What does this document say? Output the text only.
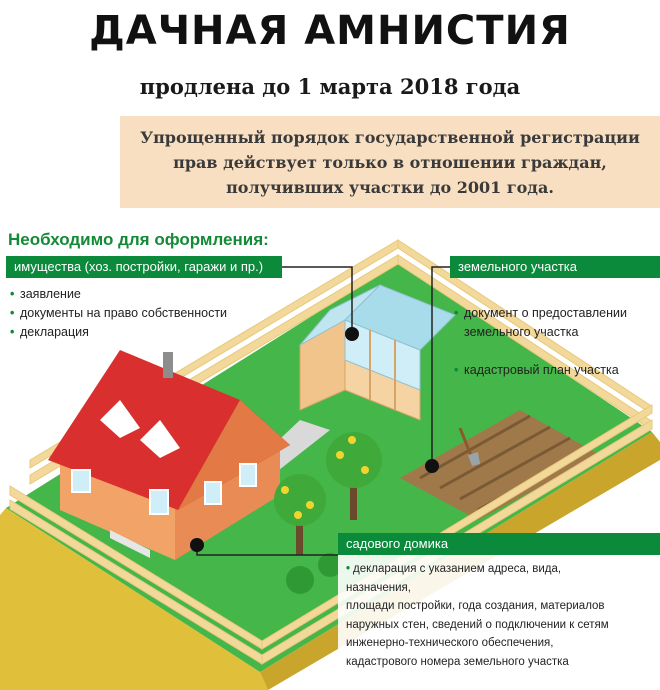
ДАЧНАЯ АМНИСТИЯ
продлена до 1 марта 2018 года
Упрощенный порядок государственной регистрации
прав действует только в отношении граждан,
получивших участки до 2001 года.
Необходимо для оформления:
имущества (хоз. постройки, гаражи и пр.)
• заявление
• документы на право собственности
• декларация
земельного участка

• документ о предоставлении
земельного участка

• кадастровый план участка

садового домика
• декларация с указанием адреса, вида, назначения,
площади постройки, года создания, материалов
наружных стен, сведений о подключении к сетям
инженерно-технического обеспечения,
кадастрового номера земельного участка
